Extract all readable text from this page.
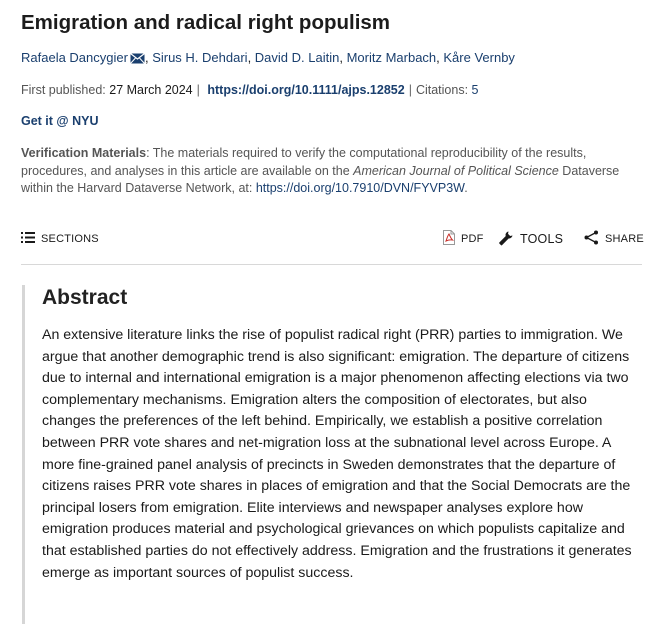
Emigration and radical right populism
Rafaela Dancygier , Sirus H. Dehdari, David D. Laitin, Moritz Marbach, Kåre Vernby
First published: 27 March 2024 | https://doi.org/10.1111/ajps.12852 | Citations: 5
Get it @ NYU
Verification Materials: The materials required to verify the computational reproducibility of the results, procedures, and analyses in this article are available on the American Journal of Political Science Dataverse within the Harvard Dataverse Network, at: https://doi.org/10.7910/DVN/FYVP3W.
SECTIONS	PDF	TOOLS	SHARE
Abstract

An extensive literature links the rise of populist radical right (PRR) parties to immigration. We argue that another demographic trend is also significant: emigration. The departure of citizens due to internal and international emigration is a major phenomenon affecting elections via two complementary mechanisms. Emigration alters the composition of electorates, but also changes the preferences of the left behind. Empirically, we establish a positive correlation between PRR vote shares and net-migration loss at the subnational level across Europe. A more fine-grained panel analysis of precincts in Sweden demonstrates that the departure of citizens raises PRR vote shares in places of emigration and that the Social Democrats are the principal losers from emigration. Elite interviews and newspaper analyses explore how emigration produces material and psychological grievances on which populists capitalize and that established parties do not effectively address. Emigration and the frustrations it generates emerge as important sources of populist success.
